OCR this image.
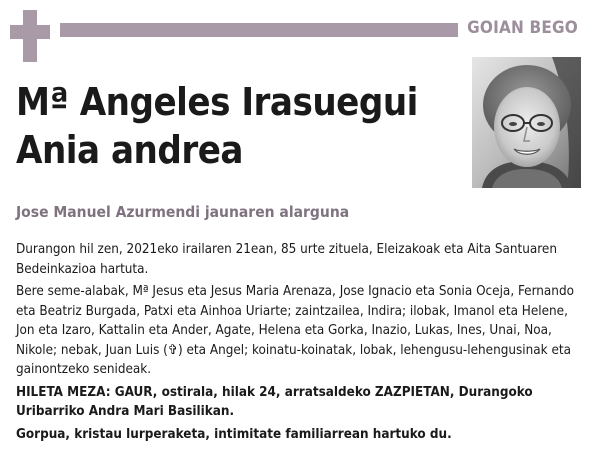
GOIAN BEGO
Mª Angeles Irasuegui
Ania andrea
Jose Manuel Azurmendi jaunaren alarguna

Durangon hil zen, 2021eko irailaren 21ean, 85 urte zituela, Eleizakoak eta Aita Santuaren Bedeinkazioa hartuta.

Bere seme-alabak, Mª Jesus eta Jesus Maria Arenaza, Jose Ignacio eta Sonia Oceja, Fernando eta Beatriz Burgada, Patxi eta Ainhoa Uriarte; zaintzailea, Indira; ilobak, Imanol eta Helene, Jon eta Izaro, Kattalin eta Ander, Agate, Helena eta Gorka, Inazio, Lukas, Ines, Unai, Noa, Nikole; nebak, Juan Luis (✞) eta Angel; koinatu-koinatak, lobak, lehengusu-lehengusinak eta gainontzeko senideak.

HILETA MEZA: GAUR, ostirala, hilak 24, arratsaldeko ZAZPIETAN, Durangoko Uribarriko Andra Mari Basilikan.

Gorpua, kristau lurperaketa, intimitate familiarrean hartuko du.
